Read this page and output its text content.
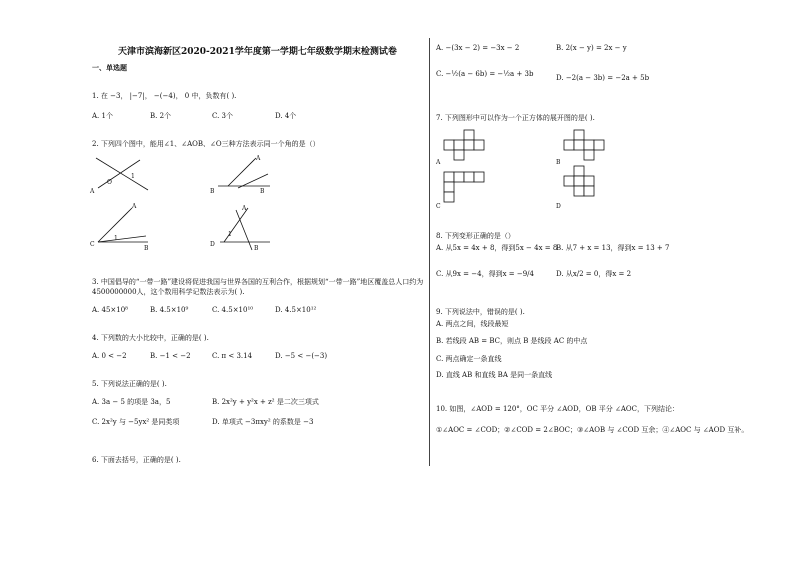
天津市滨海新区2020-2021学年度第一学期七年级数学期末检测试卷
一、单选题
1. 在 −3， |−7|， −(−4)， 0 中，负数有( ).
A. 1个	B. 2个	C. 3个	D. 4个
2. 下列四个图中，能用∠1、∠AOB、∠O三种方法表示同一个角的是（）
O
1
A
A
B
B
A
1
B
C
A
1
B
D
3. 中国倡导的“一带一路”建设将促进我国与世界各国的互利合作，根据规划“一带一路”地区覆盖总人口约为
4500000000人，这个数用科学记数法表示为( ).
A. 45×10⁸	B. 4.5×10⁹	C. 4.5×10¹⁰	D. 4.5×10¹²
4. 下列数的大小比较中，正确的是( ).
A. 0 < −2	B. −1 < −2	C. π < 3.14	D. −5 < −(−3)
5. 下列说法正确的是( ).
A. 3a − 5 的项是 3a，5	B. 2x²y + y²x + z² 是二次三项式
C. 2x²y 与 −5yx² 是同类项	D. 单项式 −3πxy² 的系数是 −3
6. 下面去括号，正确的是( ).
A. −(3x − 2) = −3x − 2	B. 2(x − y) = 2x − y
C. −½(a − 6b) = −½a + 3b	D. −2(a − 3b) = −2a + 5b
7. 下列图形中可以作为一个正方体的展开图的是( ).
A	B
C	D
8. 下列变形正确的是（）
A. 从5x = 4x + 8，得到5x − 4x = 8
B. 从7 + x = 13，得到x = 13 + 7
C. 从9x = −4，得到x = −9/4	D. 从x/2 = 0，得x = 2
9. 下列说法中，错误的是( ).
A. 两点之间，线段最短
B. 若线段 AB = BC，则点 B 是线段 AC 的中点
C. 两点确定一条直线
D. 直线 AB 和直线 BA 是同一条直线
10. 如图，∠AOD = 120°，OC 平分 ∠AOD，OB 平分 ∠AOC，下列结论：
①∠AOC = ∠COD；②∠COD = 2∠BOC；③∠AOB 与 ∠COD 互余；④∠AOC 与 ∠AOD 互补。
